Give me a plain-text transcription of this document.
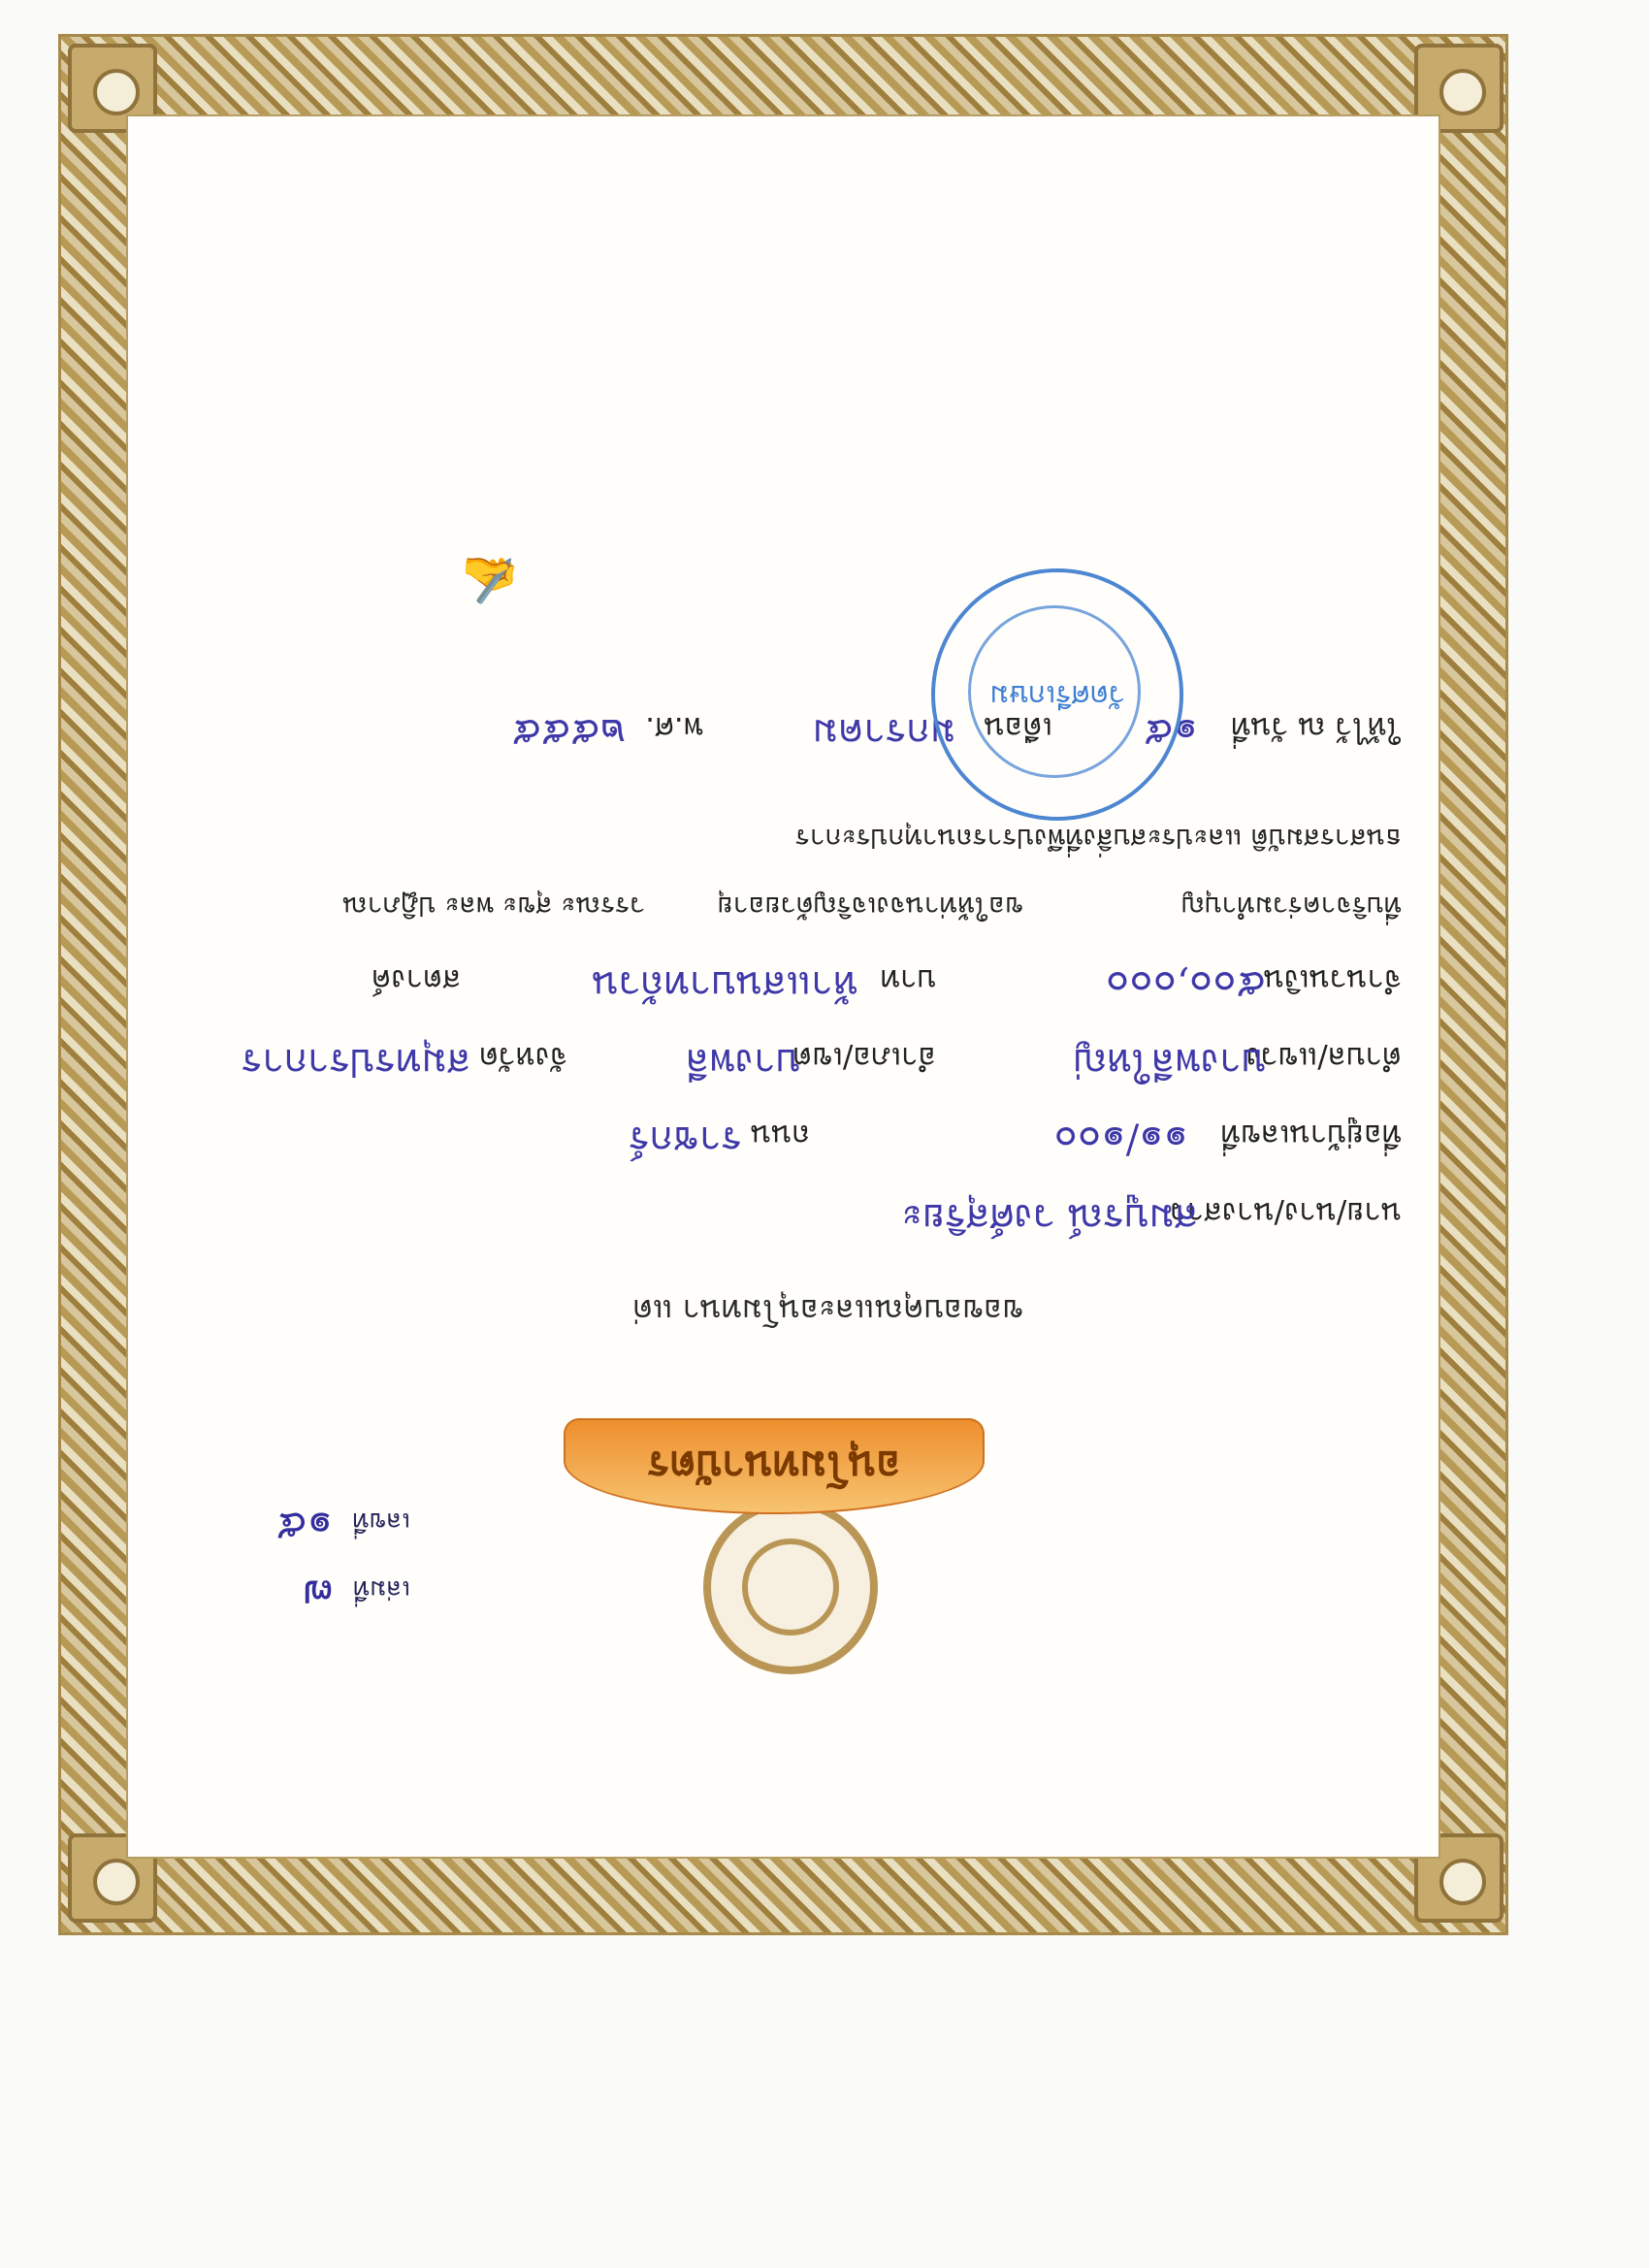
เล่มที่๗
เลขที่๑๕
อนุโมทนาบัตร
ขอขอบคุณและอนุโมทนา แด่
นาย/นาง/นางสาว
สมบูรณ์ วงศ์สุริยะ
ที่อยู่บ้านเลขที่
๑๑/๑๐๐
ถนน
ราชกร์
ตำบล/แขวง
บางพลีใหญ่
อำเภอ/เขต
บางพลี
จังหวัด
สมุทรปราการ
จำนวนเงิน
๕๐๐,๐๐๐
บาท
ห้าแสนบาทถ้วน
สตางค์
ที่บริจาคร่วมทำบุญ
ขอให้ท่านจงเจริญด้วยอายุ
วรรณะ สุขะ พละ ปฏิภาณ
ธนสารสมบัติ และประสบสิ่งที่พึงปรารถนาทุกประการ
ให้ไว้ ณ วันที่
๑๕
เดือน
มกราคม
พ.ศ.
๒๕๕๕
วัดศรีเกษม
✍
